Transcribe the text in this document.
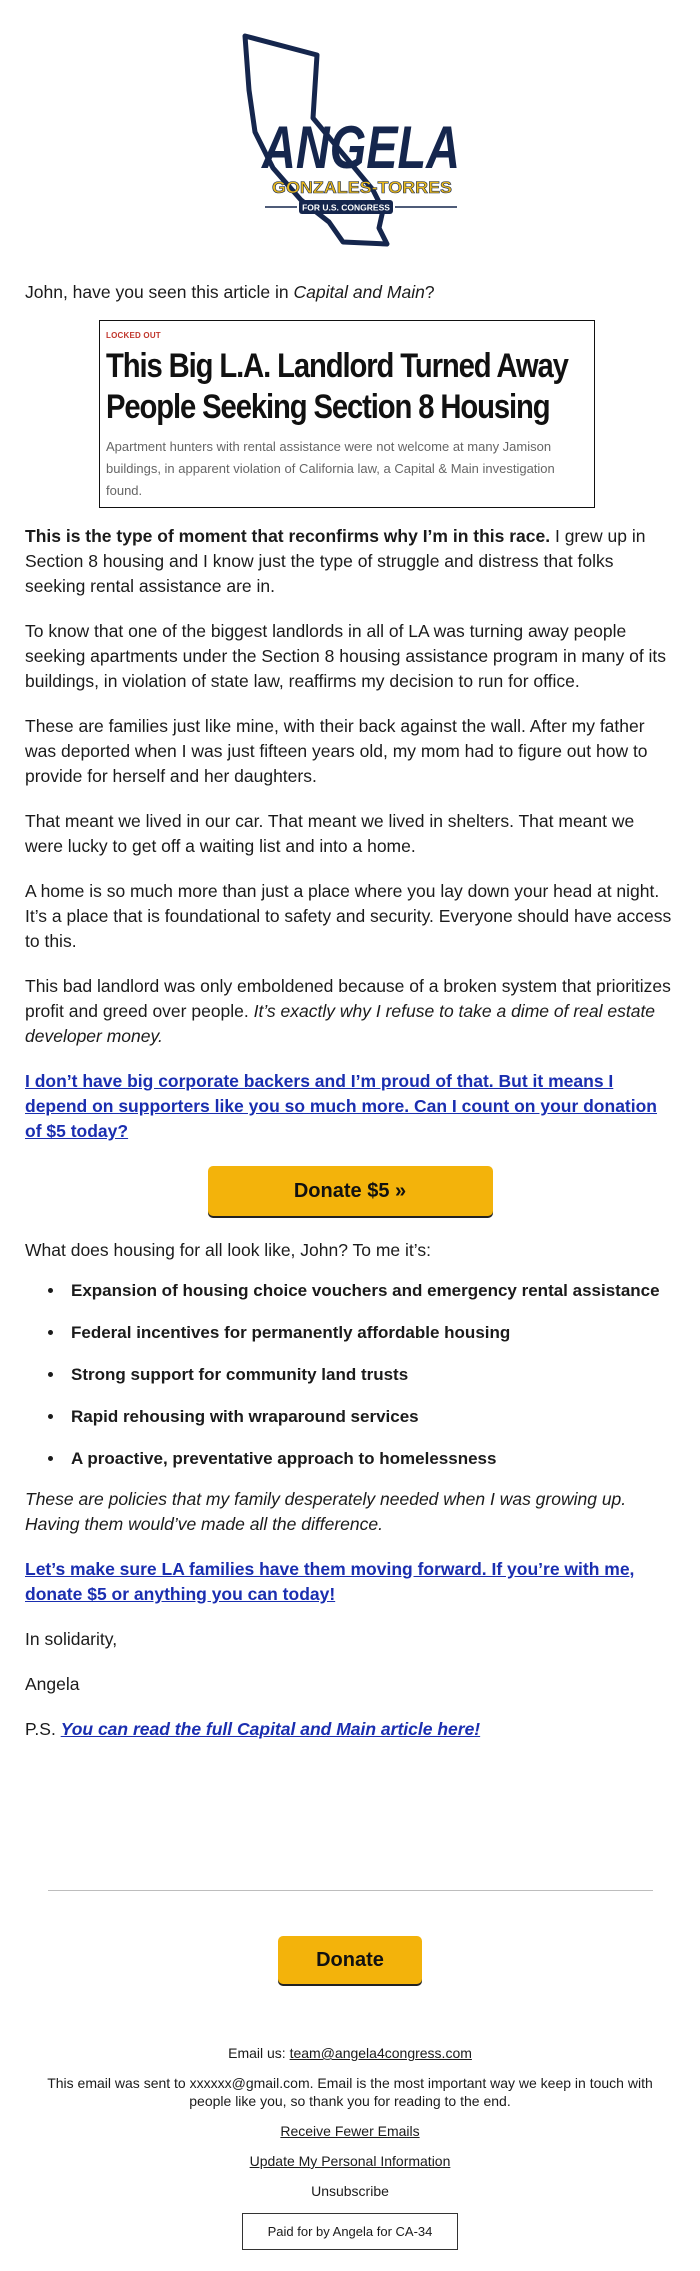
ANGELA
GONZALES-TORRES
FOR U.S. CONGRESS

John, have you seen this article in Capital and Main?

LOCKED OUT
This Big L.A. Landlord Turned Away People Seeking Section 8 Housing
Apartment hunters with rental assistance were not welcome at many Jamison buildings, in apparent violation of California law, a Capital & Main investigation found.

This is the type of moment that reconfirms why I’m in this race. I grew up in Section 8 housing and I know just the type of struggle and distress that folks seeking rental assistance are in.

To know that one of the biggest landlords in all of LA was turning away people seeking apartments under the Section 8 housing assistance program in many of its buildings, in violation of state law, reaffirms my decision to run for office.

These are families just like mine, with their back against the wall. After my father was deported when I was just fifteen years old, my mom had to figure out how to provide for herself and her daughters.

That meant we lived in our car. That meant we lived in shelters. That meant we were lucky to get off a waiting list and into a home.

A home is so much more than just a place where you lay down your head at night. It’s a place that is foundational to safety and security. Everyone should have access to this.

This bad landlord was only emboldened because of a broken system that prioritizes profit and greed over people. It’s exactly why I refuse to take a dime of real estate developer money.

I don’t have big corporate backers and I’m proud of that. But it means I depend on supporters like you so much more. Can I count on your donation of $5 today?

Donate $5 »

What does housing for all look like, John? To me it’s:

• Expansion of housing choice vouchers and emergency rental assistance
• Federal incentives for permanently affordable housing
• Strong support for community land trusts
• Rapid rehousing with wraparound services
• A proactive, preventative approach to homelessness

These are policies that my family desperately needed when I was growing up. Having them would’ve made all the difference.

Let’s make sure LA families have them moving forward. If you’re with me, donate $5 or anything you can today!

In solidarity,

Angela

P.S. You can read the full Capital and Main article here!

Donate
Email us: team@angela4congress.com
This email was sent to xxxxxx@gmail.com. Email is the most important way we keep in touch with people like you, so thank you for reading to the end.
Receive Fewer Emails
Update My Personal Information
Unsubscribe
Paid for by Angela for CA-34
